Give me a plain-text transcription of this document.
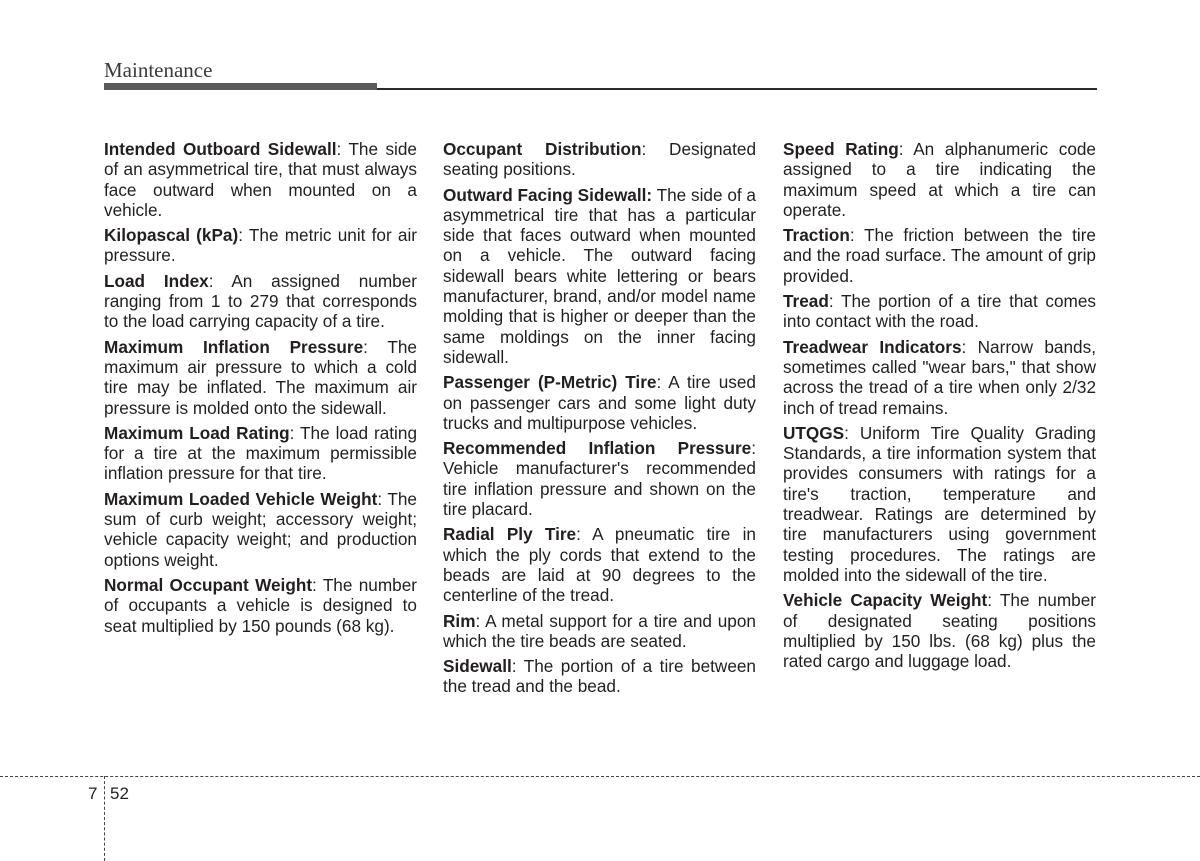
Maintenance

Intended Outboard Sidewall: The side of an asymmetrical tire, that must always face outward when mounted on a vehicle.

Kilopascal (kPa): The metric unit for air pressure.

Load Index: An assigned number ranging from 1 to 279 that corresponds to the load carrying capacity of a tire.

Maximum Inflation Pressure: The maximum air pressure to which a cold tire may be inflated. The maximum air pressure is molded onto the sidewall.

Maximum Load Rating: The load rating for a tire at the maximum permissible inflation pressure for that tire.

Maximum Loaded Vehicle Weight: The sum of curb weight; accessory weight; vehicle capacity weight; and production options weight.

Normal Occupant Weight: The number of occupants a vehicle is designed to seat multiplied by 150 pounds (68 kg).

Occupant Distribution: Designated seating positions.

Outward Facing Sidewall: The side of a asymmetrical tire that has a particular side that faces outward when mounted on a vehicle. The outward facing sidewall bears white lettering or bears manufacturer, brand, and/or model name molding that is higher or deeper than the same moldings on the inner facing sidewall.

Passenger (P-Metric) Tire: A tire used on passenger cars and some light duty trucks and multipurpose vehicles.

Recommended Inflation Pressure: Vehicle manufacturer's recommended tire inflation pressure and shown on the tire placard.

Radial Ply Tire: A pneumatic tire in which the ply cords that extend to the beads are laid at 90 degrees to the centerline of the tread.

Rim: A metal support for a tire and upon which the tire beads are seated.

Sidewall: The portion of a tire between the tread and the bead.

Speed Rating: An alphanumeric code assigned to a tire indicating the maximum speed at which a tire can operate.

Traction: The friction between the tire and the road surface. The amount of grip provided.

Tread: The portion of a tire that comes into contact with the road.

Treadwear Indicators: Narrow bands, sometimes called "wear bars," that show across the tread of a tire when only 2/32 inch of tread remains.

UTQGS: Uniform Tire Quality Grading Standards, a tire information system that provides consumers with ratings for a tire's traction, temperature and treadwear. Ratings are determined by tire manufacturers using government testing procedures. The ratings are molded into the sidewall of the tire.

Vehicle Capacity Weight: The number of designated seating positions multiplied by 150 lbs. (68 kg) plus the rated cargo and luggage load.

7 52
